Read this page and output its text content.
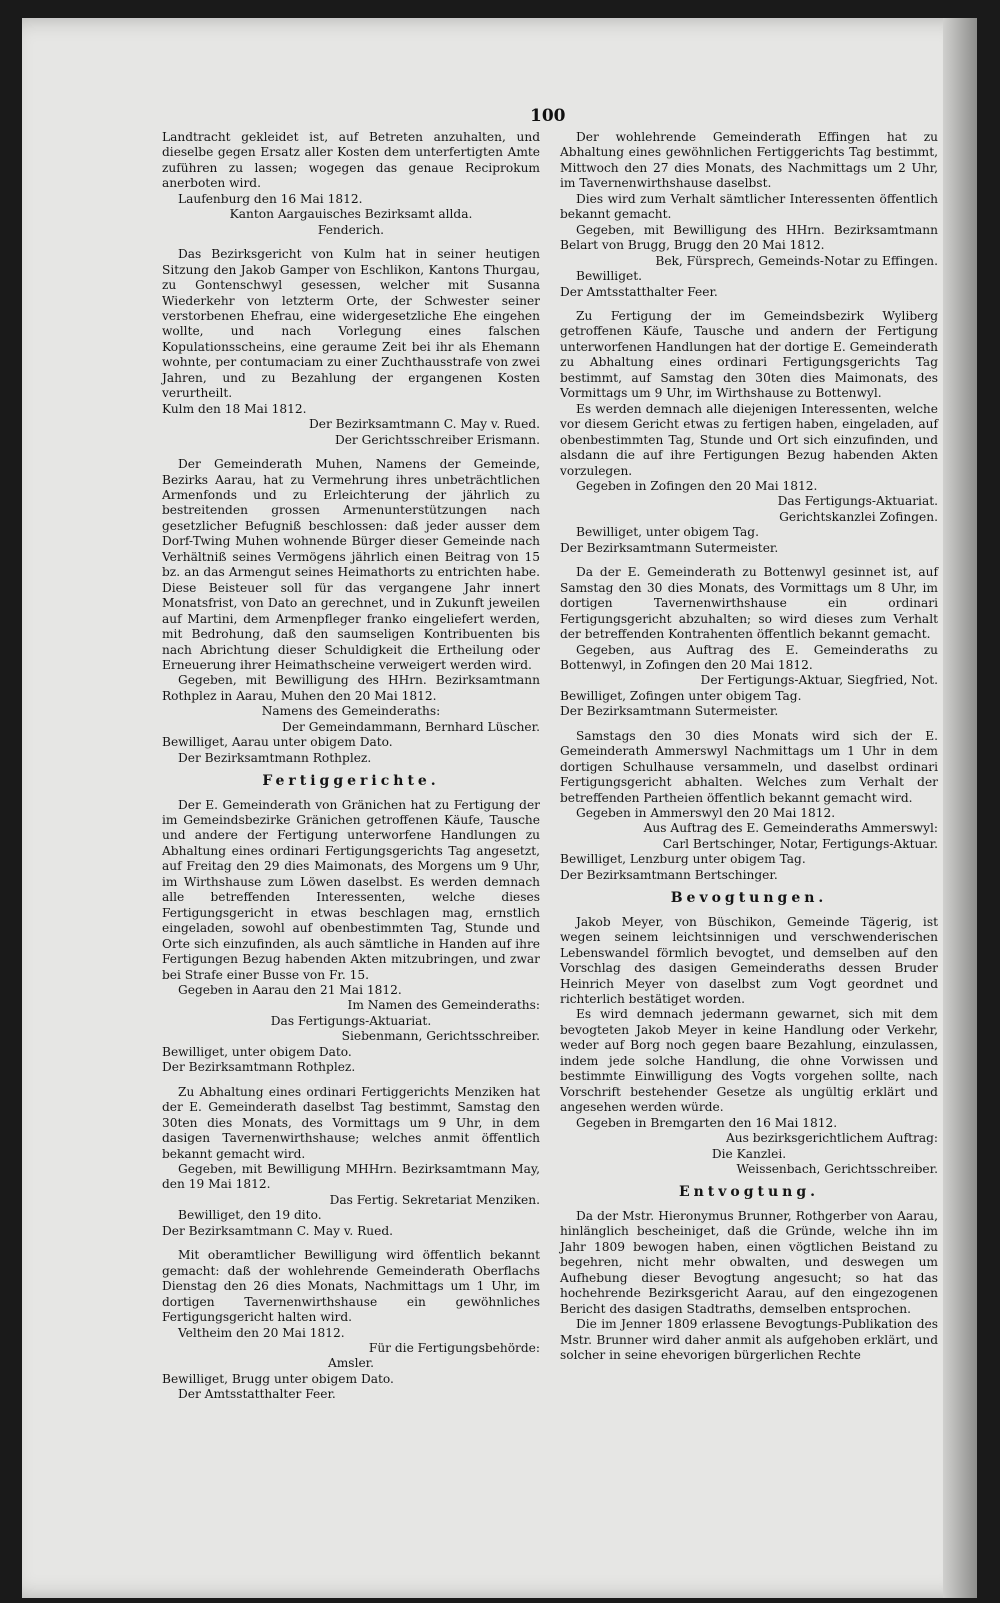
100

Landtracht gekleidet ist, auf Betreten anzuhalten, und dieselbe gegen Ersatz aller Kosten dem unterfertigten Amte zuführen zu lassen; wogegen das genaue Reciprokum anerboten wird.

Laufenburg den 16 Mai 1812.

Kanton Aargauisches Bezirksamt allda.
Fenderich.

Das Bezirksgericht von Kulm hat in seiner heutigen Sitzung den Jakob Gamper von Eschlikon, Kantons Thurgau, zu Gontenschwyl gesessen, welcher mit Susanna Wiederkehr von letzterm Orte, der Schwester seiner verstorbenen Ehefrau, eine widergesetzliche Ehe eingehen wollte, und nach Vorlegung eines falschen Kopulationsscheins, eine geraume Zeit bei ihr als Ehemann wohnte, per contumaciam zu einer Zuchthausstrafe von zwei Jahren, und zu Bezahlung der ergangenen Kosten verurtheilt.

Kulm den 18 Mai 1812.

Der Bezirksamtmann C. May v. Rued.
Der Gerichtsschreiber Erismann.

Der Gemeinderath Muhen, Namens der Gemeinde, Bezirks Aarau, hat zu Vermehrung ihres unbeträchtlichen Armenfonds und zu Erleichterung der jährlich zu bestreitenden grossen Armenunterstützungen nach gesetzlicher Befugniß beschlossen: daß jeder ausser dem Dorf-Twing Muhen wohnende Bürger dieser Gemeinde nach Verhältniß seines Vermögens jährlich einen Beitrag von 15 bz. an das Armengut seines Heimathorts zu entrichten habe. Diese Beisteuer soll für das vergangene Jahr innert Monatsfrist, von Dato an gerechnet, und in Zukunft jeweilen auf Martini, dem Armenpfleger franko eingeliefert werden, mit Bedrohung, daß den saumseligen Kontribuenten bis nach Abrichtung dieser Schuldigkeit die Ertheilung oder Erneuerung ihrer Heimathscheine verweigert werden wird.

Gegeben, mit Bewilligung des HHrn. Bezirksamtmann Rothplez in Aarau, Muhen den 20 Mai 1812.

Namens des Gemeinderaths:
Der Gemeindammann, Bernhard Lüscher.
Bewilliget, Aarau unter obigem Dato.
Der Bezirksamtmann Rothplez.
Fertiggerichte.

Der E. Gemeinderath von Gränichen hat zu Fertigung der im Gemeindsbezirke Gränichen getroffenen Käufe, Tausche und andere der Fertigung unterworfene Handlungen zu Abhaltung eines ordinari Fertigungsgerichts Tag angesetzt, auf Freitag den 29 dies Maimonats, des Morgens um 9 Uhr, im Wirthshause zum Löwen daselbst. Es werden demnach alle betreffenden Interessenten, welche dieses Fertigungsgericht in etwas beschlagen mag, ernstlich eingeladen, sowohl auf obenbestimmten Tag, Stunde und Orte sich einzufinden, als auch sämtliche in Handen auf ihre Fertigungen Bezug habenden Akten mitzubringen, und zwar bei Strafe einer Busse von Fr. 15.

Gegeben in Aarau den 21 Mai 1812.

Im Namen des Gemeinderaths:
Das Fertigungs-Aktuariat.
Siebenmann, Gerichtsschreiber.
Bewilliget, unter obigem Dato.
Der Bezirksamtmann Rothplez.

Zu Abhaltung eines ordinari Fertiggerichts Menziken hat der E. Gemeinderath daselbst Tag bestimmt, Samstag den 30ten dies Monats, des Vormittags um 9 Uhr, in dem dasigen Tavernenwirthshause; welches anmit öffentlich bekannt gemacht wird.

Gegeben, mit Bewilligung MHHrn. Bezirksamtmann May, den 19 Mai 1812.

Das Fertig. Sekretariat Menziken.
Bewilliget, den 19 dito.
Der Bezirksamtmann C. May v. Rued.

Mit oberamtlicher Bewilligung wird öffentlich bekannt gemacht: daß der wohlehrende Gemeinderath Oberflachs Dienstag den 26 dies Monats, Nachmittags um 1 Uhr, im dortigen Tavernenwirthshause ein gewöhnliches Fertigungsgericht halten wird.

Veltheim den 20 Mai 1812.

Für die Fertigungsbehörde:
Amsler.
Bewilliget, Brugg unter obigem Dato.
Der Amtsstatthalter Feer.

Der wohlehrende Gemeinderath Effingen hat zu Abhaltung eines gewöhnlichen Fertiggerichts Tag bestimmt, Mittwoch den 27 dies Monats, des Nachmittags um 2 Uhr, im Tavernenwirthshause daselbst.

Dies wird zum Verhalt sämtlicher Interessenten öffentlich bekannt gemacht.

Gegeben, mit Bewilligung des HHrn. Bezirksamtmann Belart von Brugg, Brugg den 20 Mai 1812.

Bek, Fürsprech, Gemeinds-Notar zu Effingen.
Bewilliget.
Der Amtsstatthalter Feer.

Zu Fertigung der im Gemeindsbezirk Wyliberg getroffenen Käufe, Tausche und andern der Fertigung unterworfenen Handlungen hat der dortige E. Gemeinderath zu Abhaltung eines ordinari Fertigungsgerichts Tag bestimmt, auf Samstag den 30ten dies Maimonats, des Vormittags um 9 Uhr, im Wirthshause zu Bottenwyl.

Es werden demnach alle diejenigen Interessenten, welche vor diesem Gericht etwas zu fertigen haben, eingeladen, auf obenbestimmten Tag, Stunde und Ort sich einzufinden, und alsdann die auf ihre Fertigungen Bezug habenden Akten vorzulegen.

Gegeben in Zofingen den 20 Mai 1812.

Das Fertigungs-Aktuariat.
Gerichtskanzlei Zofingen.
Bewilliget, unter obigem Tag.
Der Bezirksamtmann Sutermeister.

Da der E. Gemeinderath zu Bottenwyl gesinnet ist, auf Samstag den 30 dies Monats, des Vormittags um 8 Uhr, im dortigen Tavernenwirthshause ein ordinari Fertigungsgericht abzuhalten; so wird dieses zum Verhalt der betreffenden Kontrahenten öffentlich bekannt gemacht.

Gegeben, aus Auftrag des E. Gemeinderaths zu Bottenwyl, in Zofingen den 20 Mai 1812.

Der Fertigungs-Aktuar, Siegfried, Not.
Bewilliget, Zofingen unter obigem Tag.
Der Bezirksamtmann Sutermeister.

Samstags den 30 dies Monats wird sich der E. Gemeinderath Ammerswyl Nachmittags um 1 Uhr in dem dortigen Schulhause versammeln, und daselbst ordinari Fertigungsgericht abhalten. Welches zum Verhalt der betreffenden Partheien öffentlich bekannt gemacht wird.

Gegeben in Ammerswyl den 20 Mai 1812.

Aus Auftrag des E. Gemeinderaths Ammerswyl:
Carl Bertschinger, Notar, Fertigungs-Aktuar.
Bewilliget, Lenzburg unter obigem Tag.
Der Bezirksamtmann Bertschinger.
Bevogtungen.

Jakob Meyer, von Büschikon, Gemeinde Tägerig, ist wegen seinem leichtsinnigen und verschwenderischen Lebenswandel förmlich bevogtet, und demselben auf den Vorschlag des dasigen Gemeinderaths dessen Bruder Heinrich Meyer von daselbst zum Vogt geordnet und richterlich bestätiget worden.

Es wird demnach jedermann gewarnet, sich mit dem bevogteten Jakob Meyer in keine Handlung oder Verkehr, weder auf Borg noch gegen baare Bezahlung, einzulassen, indem jede solche Handlung, die ohne Vorwissen und bestimmte Einwilligung des Vogts vorgehen sollte, nach Vorschrift bestehender Gesetze als ungültig erklärt und angesehen werden würde.

Gegeben in Bremgarten den 16 Mai 1812.

Aus bezirksgerichtlichem Auftrag:
Die Kanzlei.
Weissenbach, Gerichtsschreiber.
Entvogtung.

Da der Mstr. Hieronymus Brunner, Rothgerber von Aarau, hinlänglich bescheiniget, daß die Gründe, welche ihn im Jahr 1809 bewogen haben, einen vögtlichen Beistand zu begehren, nicht mehr obwalten, und deswegen um Aufhebung dieser Bevogtung angesucht; so hat das hochehrende Bezirksgericht Aarau, auf den eingezogenen Bericht des dasigen Stadtraths, demselben entsprochen.

Die im Jenner 1809 erlassene Bevogtungs-Publikation des Mstr. Brunner wird daher anmit als aufgehoben erklärt, und solcher in seine ehevorigen bürgerlichen Rechte
